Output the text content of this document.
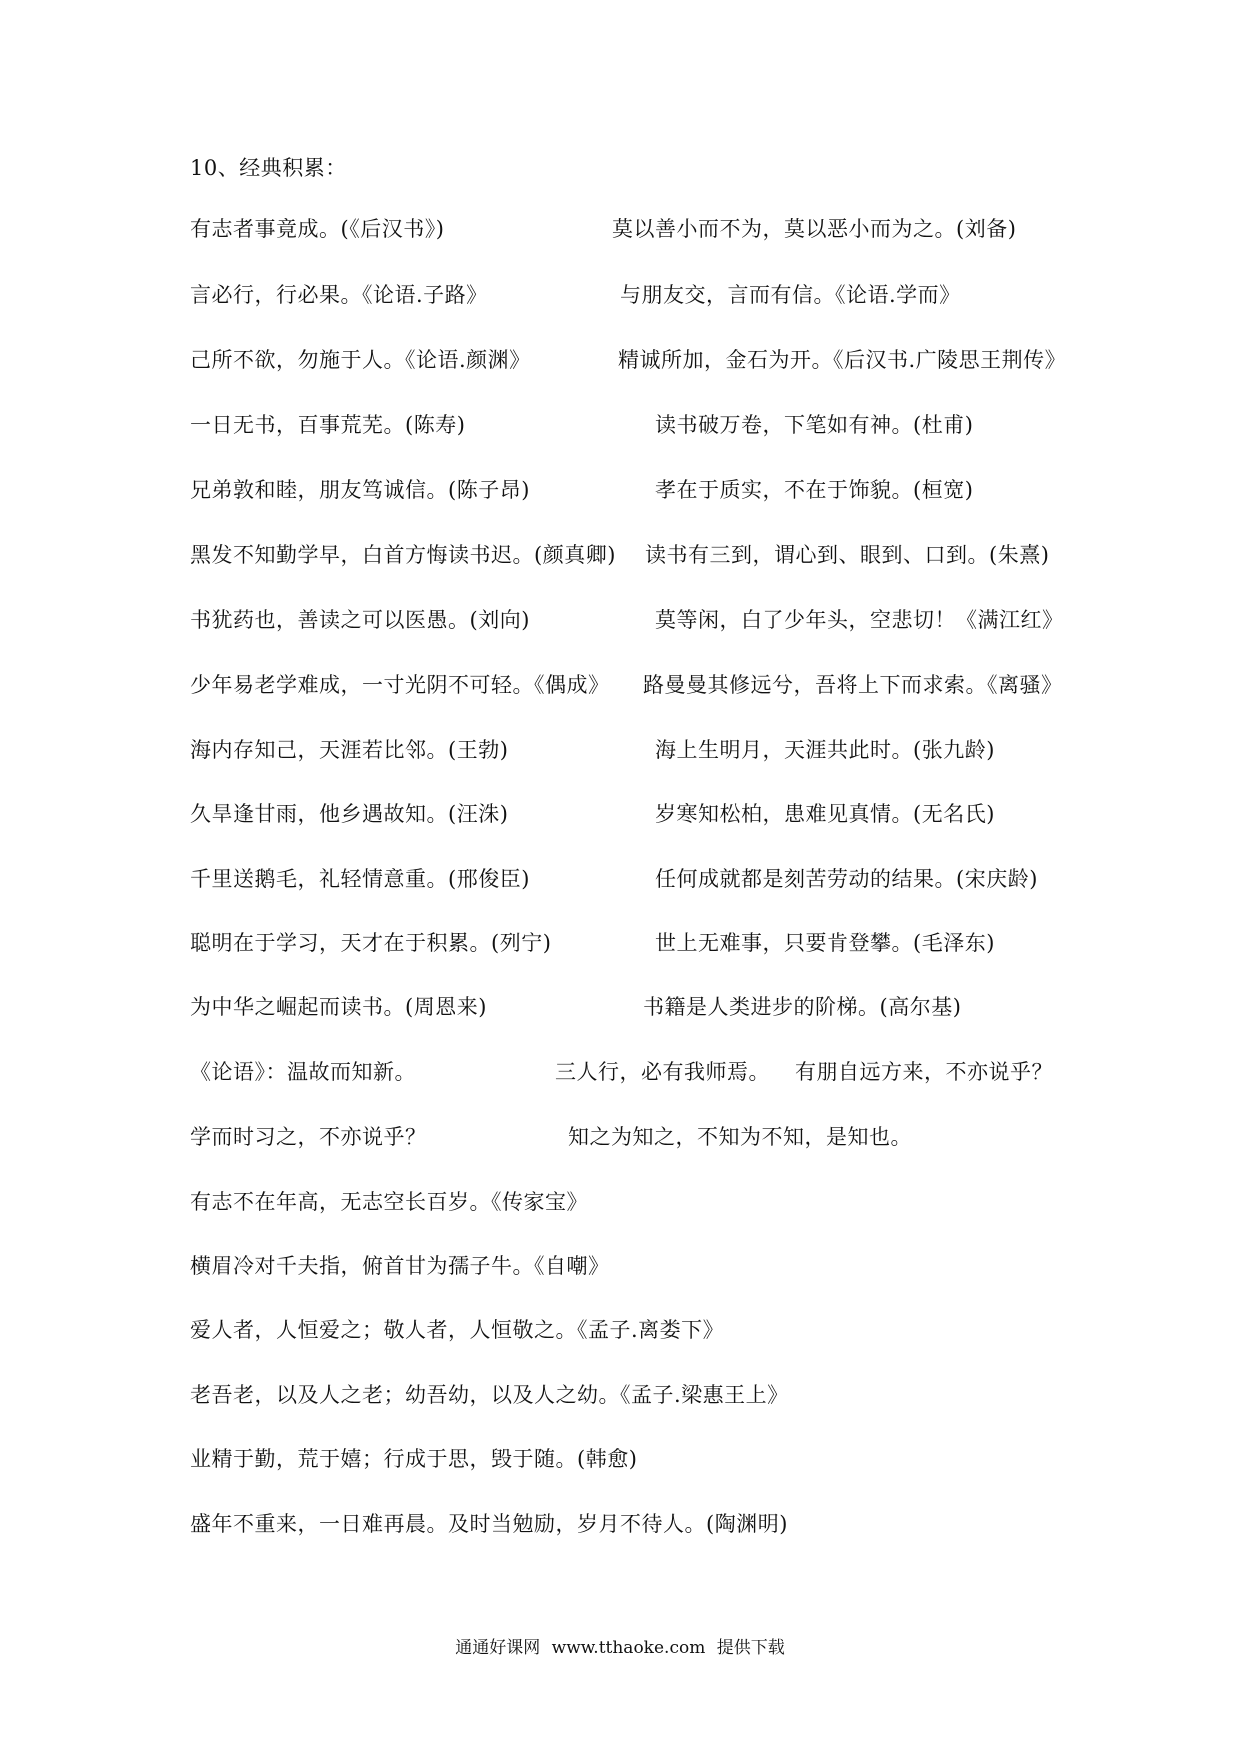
10、经典积累：
有志者事竟成。(《后汉书》)	莫以善小而不为，莫以恶小而为之。(刘备)
言必行，行必果。《论语.子路》	与朋友交，言而有信。《论语.学而》
己所不欲，勿施于人。《论语.颜渊》	精诚所加，金石为开。《后汉书.广陵思王荆传》
一日无书，百事荒芜。(陈寿)	读书破万卷，下笔如有神。(杜甫)
兄弟敦和睦，朋友笃诚信。(陈子昂)	孝在于质实，不在于饰貌。(桓宽)
黑发不知勤学早，白首方悔读书迟。(颜真卿) 读书有三到，谓心到、眼到、口到。(朱熹)
书犹药也，善读之可以医愚。(刘向)	莫等闲，白了少年头，空悲切！《满江红》
少年易老学难成，一寸光阴不可轻。《偶成》 路曼曼其修远兮，吾将上下而求索。《离骚》
海内存知己，天涯若比邻。(王勃)	海上生明月，天涯共此时。(张九龄)
久旱逢甘雨，他乡遇故知。(汪洙)	岁寒知松柏，患难见真情。(无名氏)
千里送鹅毛，礼轻情意重。(邢俊臣)	任何成就都是刻苦劳动的结果。(宋庆龄)
聪明在于学习，天才在于积累。(列宁)	世上无难事，只要肯登攀。(毛泽东)
为中华之崛起而读书。(周恩来)	书籍是人类进步的阶梯。(高尔基)
《论语》：温故而知新。	三人行，必有我师焉。 有朋自远方来，不亦说乎？
学而时习之，不亦说乎？	知之为知之，不知为不知，是知也。
有志不在年高，无志空长百岁。《传家宝》
横眉冷对千夫指，俯首甘为孺子牛。《自嘲》
爱人者，人恒爱之；敬人者，人恒敬之。《孟子.离娄下》
老吾老，以及人之老；幼吾幼，以及人之幼。《孟子.梁惠王上》
业精于勤，荒于嬉；行成于思，毁于随。(韩愈)
盛年不重来，一日难再晨。及时当勉励，岁月不待人。(陶渊明)
通通好课网 www.tthaoke.com 提供下载
